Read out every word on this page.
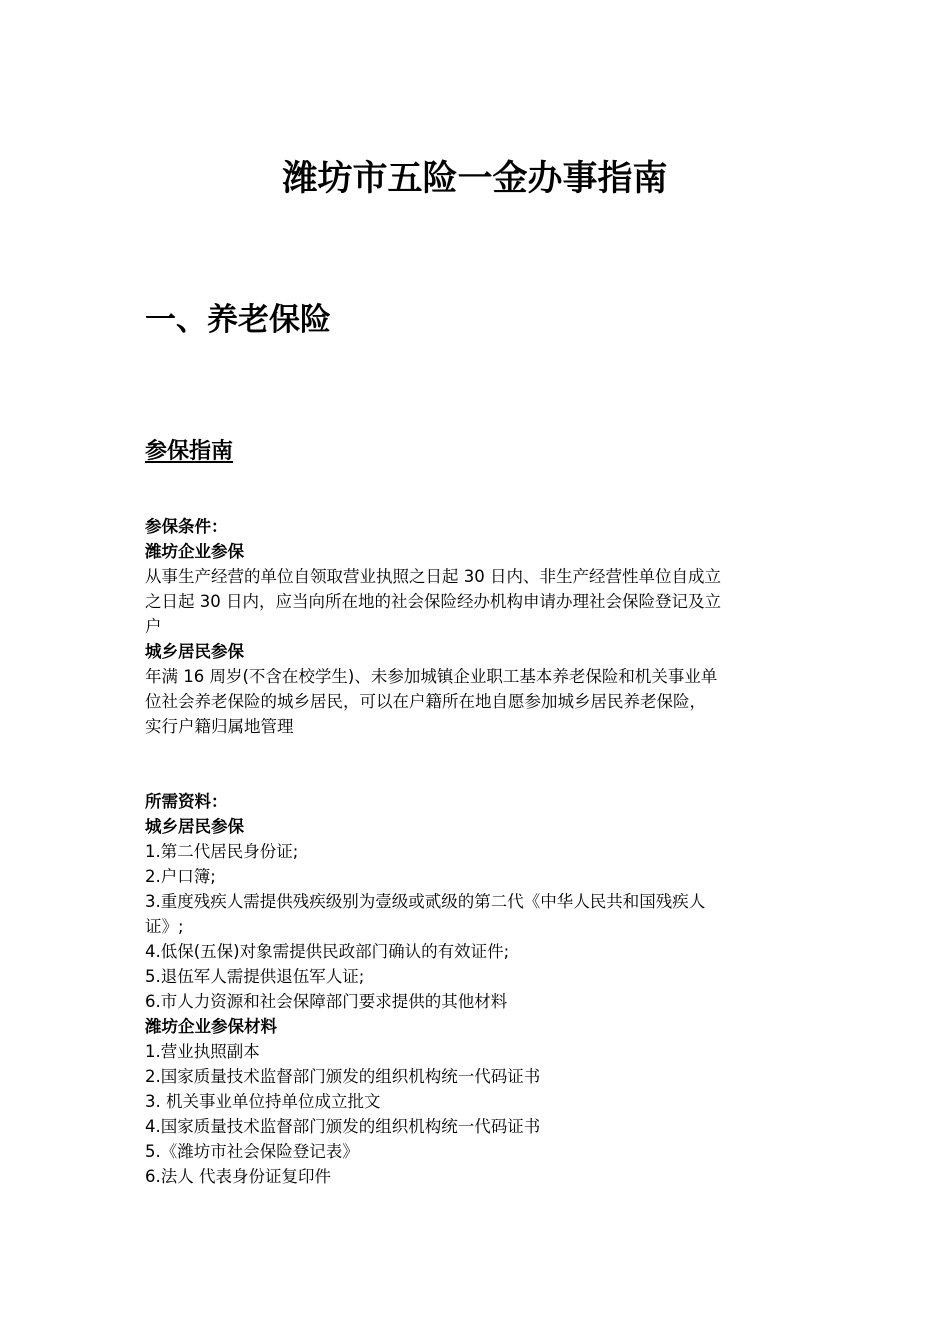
潍坊市五险一金办事指南
一、养老保险
参保指南

参保条件：

潍坊企业参保

从事生产经营的单位自领取营业执照之日起 30 日内、非生产经营性单位自成立

之日起 30 日内，应当向所在地的社会保险经办机构申请办理社会保险登记及立

户

城乡居民参保

年满 16 周岁(不含在校学生)、未参加城镇企业职工基本养老保险和机关事业单

位社会养老保险的城乡居民，可以在户籍所在地自愿参加城乡居民养老保险，

实行户籍归属地管理

所需资料：

城乡居民参保

1.第二代居民身份证;

2.户口簿;

3.重度残疾人需提供残疾级别为壹级或贰级的第二代《中华人民共和国残疾人

证》;

4.低保(五保)对象需提供民政部门确认的有效证件;

5.退伍军人需提供退伍军人证;

6.市人力资源和社会保障部门要求提供的其他材料

潍坊企业参保材料

1.营业执照副本

2.国家质量技术监督部门颁发的组织机构统一代码证书

3. 机关事业单位持单位成立批文

4.国家质量技术监督部门颁发的组织机构统一代码证书

5.《潍坊市社会保险登记表》

6.法人 代表身份证复印件
